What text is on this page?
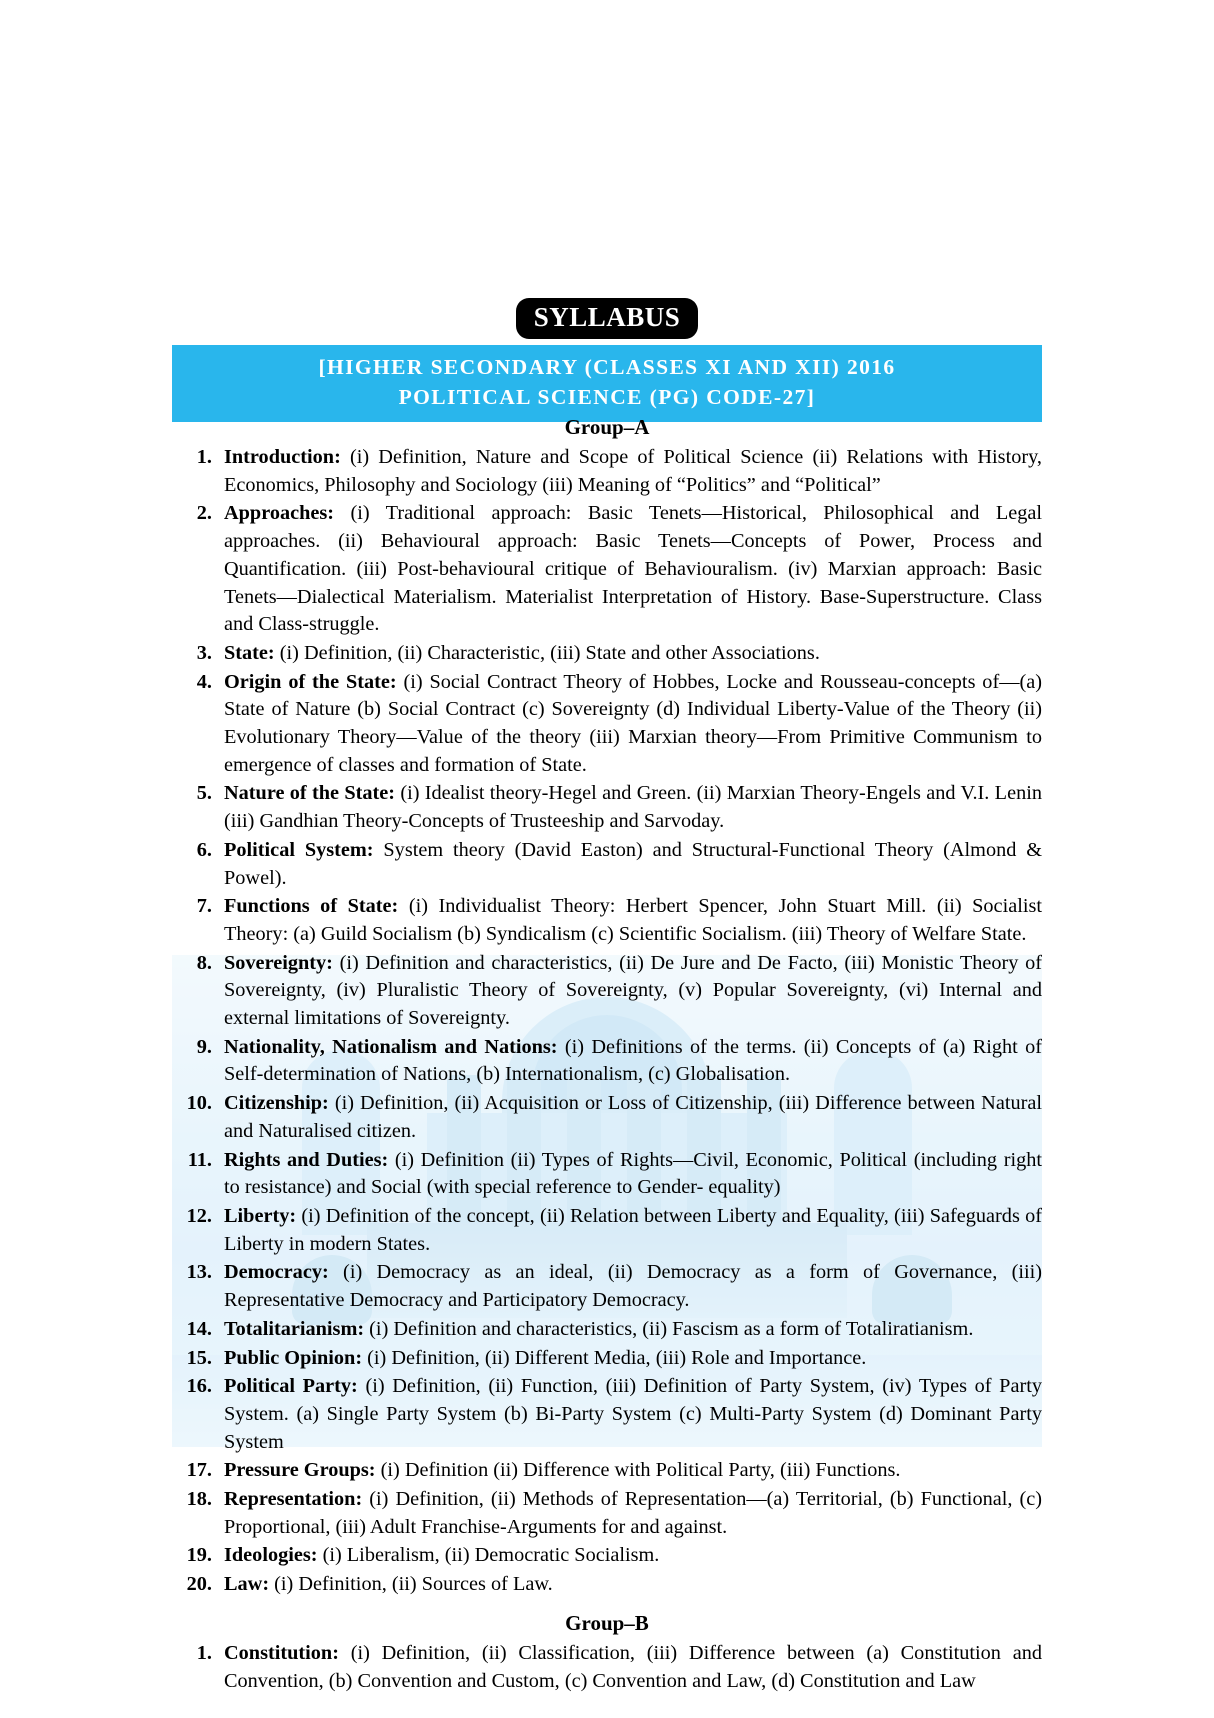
SYLLABUS
[HIGHER SECONDARY (CLASSES XI AND XII) 2016
POLITICAL SCIENCE (PG) CODE-27]
Group–A
1. Introduction: (i) Definition, Nature and Scope of Political Science (ii) Relations with History, Economics, Philosophy and Sociology (iii) Meaning of “Politics” and “Political”
2. Approaches: (i) Traditional approach: Basic Tenets—Historical, Philosophical and Legal approaches. (ii) Behavioural approach: Basic Tenets—Concepts of Power, Process and Quantification. (iii) Post-behavioural critique of Behaviouralism. (iv) Marxian approach: Basic Tenets—Dialectical Materialism. Materialist Interpretation of History. Base-Superstructure. Class and Class-struggle.
3. State: (i) Definition, (ii) Characteristic, (iii) State and other Associations.
4. Origin of the State: (i) Social Contract Theory of Hobbes, Locke and Rousseau-concepts of—(a) State of Nature (b) Social Contract (c) Sovereignty (d) Individual Liberty-Value of the Theory (ii) Evolutionary Theory—Value of the theory (iii) Marxian theory—From Primitive Communism to emergence of classes and formation of State.
5. Nature of the State: (i) Idealist theory-Hegel and Green. (ii) Marxian Theory-Engels and V.I. Lenin (iii) Gandhian Theory-Concepts of Trusteeship and Sarvoday.
6. Political System: System theory (David Easton) and Structural-Functional Theory (Almond & Powel).
7. Functions of State: (i) Individualist Theory: Herbert Spencer, John Stuart Mill. (ii) Socialist Theory: (a) Guild Socialism (b) Syndicalism (c) Scientific Socialism. (iii) Theory of Welfare State.
8. Sovereignty: (i) Definition and characteristics, (ii) De Jure and De Facto, (iii) Monistic Theory of Sovereignty, (iv) Pluralistic Theory of Sovereignty, (v) Popular Sovereignty, (vi) Internal and external limitations of Sovereignty.
9. Nationality, Nationalism and Nations: (i) Definitions of the terms. (ii) Concepts of (a) Right of Self-determination of Nations, (b) Internationalism, (c) Globalisation.
10. Citizenship: (i) Definition, (ii) Acquisition or Loss of Citizenship, (iii) Difference between Natural and Naturalised citizen.
11. Rights and Duties: (i) Definition (ii) Types of Rights—Civil, Economic, Political (including right to resistance) and Social (with special reference to Gender- equality)
12. Liberty: (i) Definition of the concept, (ii) Relation between Liberty and Equality, (iii) Safeguards of Liberty in modern States.
13. Democracy: (i) Democracy as an ideal, (ii) Democracy as a form of Governance, (iii) Representative Democracy and Participatory Democracy.
14. Totalitarianism: (i) Definition and characteristics, (ii) Fascism as a form of Totaliratianism.
15. Public Opinion: (i) Definition, (ii) Different Media, (iii) Role and Importance.
16. Political Party: (i) Definition, (ii) Function, (iii) Definition of Party System, (iv) Types of Party System. (a) Single Party System (b) Bi-Party System (c) Multi-Party System (d) Dominant Party System
17. Pressure Groups: (i) Definition (ii) Difference with Political Party, (iii) Functions.
18. Representation: (i) Definition, (ii) Methods of Representation—(a) Territorial, (b) Functional, (c) Proportional, (iii) Adult Franchise-Arguments for and against.
19. Ideologies: (i) Liberalism, (ii) Democratic Socialism.
20. Law: (i) Definition, (ii) Sources of Law.
Group–B
1. Constitution: (i) Definition, (ii) Classification, (iii) Difference between (a) Constitution and Convention, (b) Convention and Custom, (c) Convention and Law, (d) Constitution and Law
